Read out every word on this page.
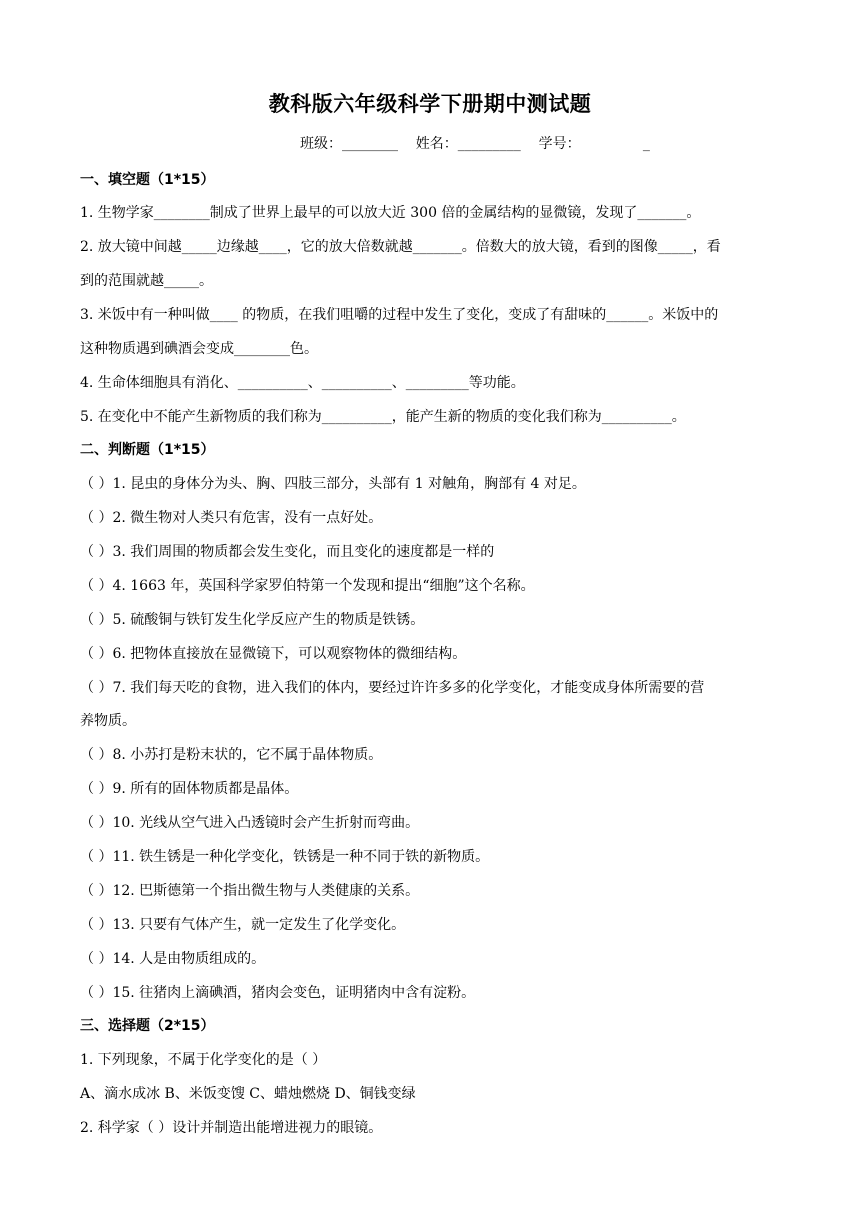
教科版六年级科学下册期中测试题
班级：________    姓名：_________    学号：              _
一、填空题（1*15）
1. 生物学家________制成了世界上最早的可以放大近 300 倍的金属结构的显微镜，发现了_______。
2. 放大镜中间越_____边缘越____，它的放大倍数就越_______。倍数大的放大镜，看到的图像_____，看
到的范围就越_____。
3. 米饭中有一种叫做____ 的物质，在我们咀嚼的过程中发生了变化，变成了有甜味的______。米饭中的
这种物质遇到碘酒会变成________色。
4. 生命体细胞具有消化、__________、__________、_________等功能。
5. 在变化中不能产生新物质的我们称为__________，能产生新的物质的变化我们称为__________。
二、判断题（1*15）
（ ）1. 昆虫的身体分为头、胸、四肢三部分，头部有 1 对触角，胸部有 4 对足。
（ ）2. 微生物对人类只有危害，没有一点好处。
（ ）3. 我们周围的物质都会发生变化，而且变化的速度都是一样的
（ ）4. 1663 年，英国科学家罗伯特第一个发现和提出“细胞”这个名称。
（ ）5. 硫酸铜与铁钉发生化学反应产生的物质是铁锈。
（ ）6. 把物体直接放在显微镜下，可以观察物体的微细结构。
（ ）7. 我们每天吃的食物，进入我们的体内，要经过许许多多的化学变化，才能变成身体所需要的营
养物质。
（ ）8. 小苏打是粉末状的，它不属于晶体物质。
（ ）9. 所有的固体物质都是晶体。
（ ）10. 光线从空气进入凸透镜时会产生折射而弯曲。
（ ）11. 铁生锈是一种化学变化，铁锈是一种不同于铁的新物质。
（ ）12. 巴斯德第一个指出微生物与人类健康的关系。
（ ）13. 只要有气体产生，就一定发生了化学变化。
（ ）14. 人是由物质组成的。
（ ）15. 往猪肉上滴碘酒，猪肉会变色，证明猪肉中含有淀粉。
三、选择题（2*15）
1. 下列现象，不属于化学变化的是（ ）
A、滴水成冰 B、米饭变馊 C、蜡烛燃烧 D、铜钱变绿
2. 科学家（ ）设计并制造出能增进视力的眼镜。
